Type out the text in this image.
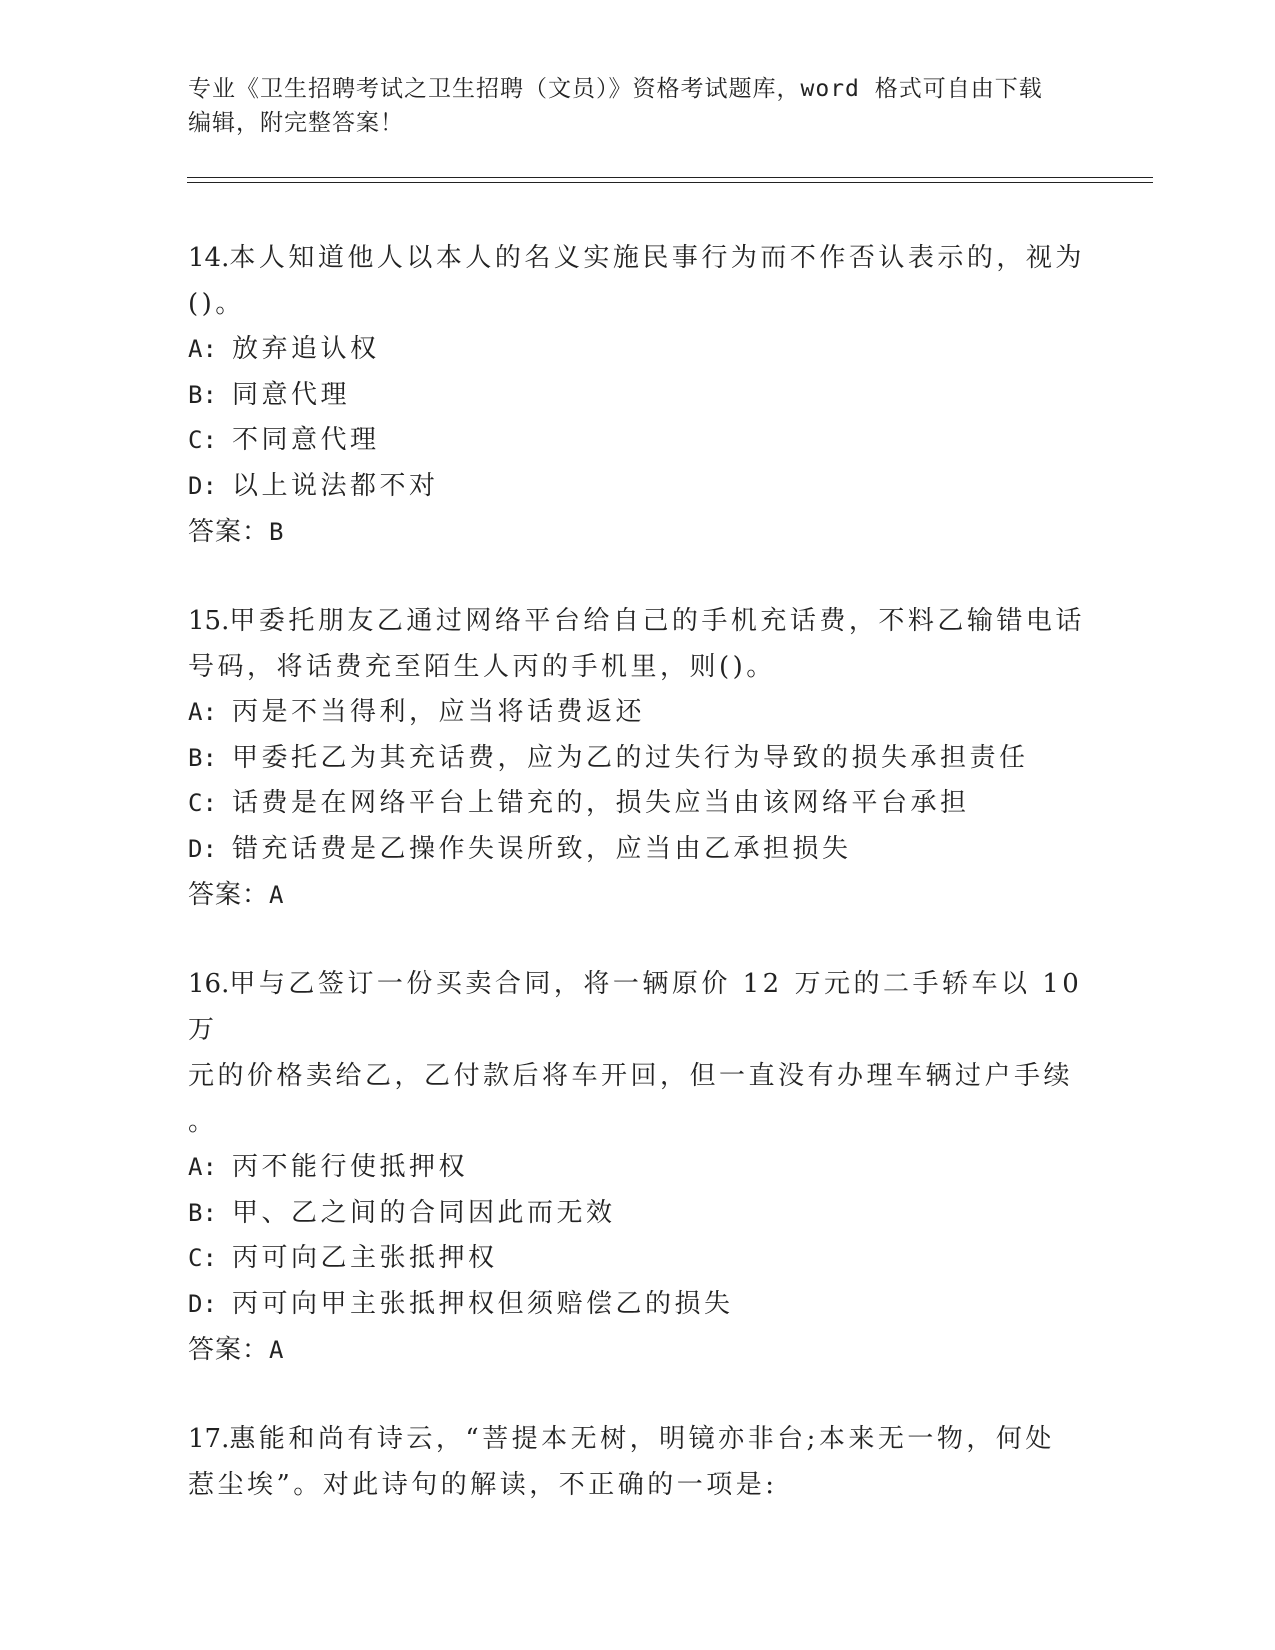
专业《卫生招聘考试之卫生招聘（文员）》资格考试题库，word 格式可自由下载

编辑，附完整答案！

14.本人知道他人以本人的名义实施民事行为而不作否认表示的，视为

()。

A: 放弃追认权

B: 同意代理

C: 不同意代理

D: 以上说法都不对

答案：B

15.甲委托朋友乙通过网络平台给自己的手机充话费，不料乙输错电话

号码，将话费充至陌生人丙的手机里，则()。

A: 丙是不当得利，应当将话费返还

B: 甲委托乙为其充话费，应为乙的过失行为导致的损失承担责任

C: 话费是在网络平台上错充的，损失应当由该网络平台承担

D: 错充话费是乙操作失误所致，应当由乙承担损失

答案：A

16.甲与乙签订一份买卖合同，将一辆原价 12 万元的二手轿车以 10 万

元的价格卖给乙，乙付款后将车开回，但一直没有办理车辆过户手续

。

A: 丙不能行使抵押权

B: 甲、乙之间的合同因此而无效

C: 丙可向乙主张抵押权

D: 丙可向甲主张抵押权但须赔偿乙的损失

答案：A

17.惠能和尚有诗云，“菩提本无树，明镜亦非台;本来无一物，何处

惹尘埃”。对此诗句的解读，不正确的一项是:
